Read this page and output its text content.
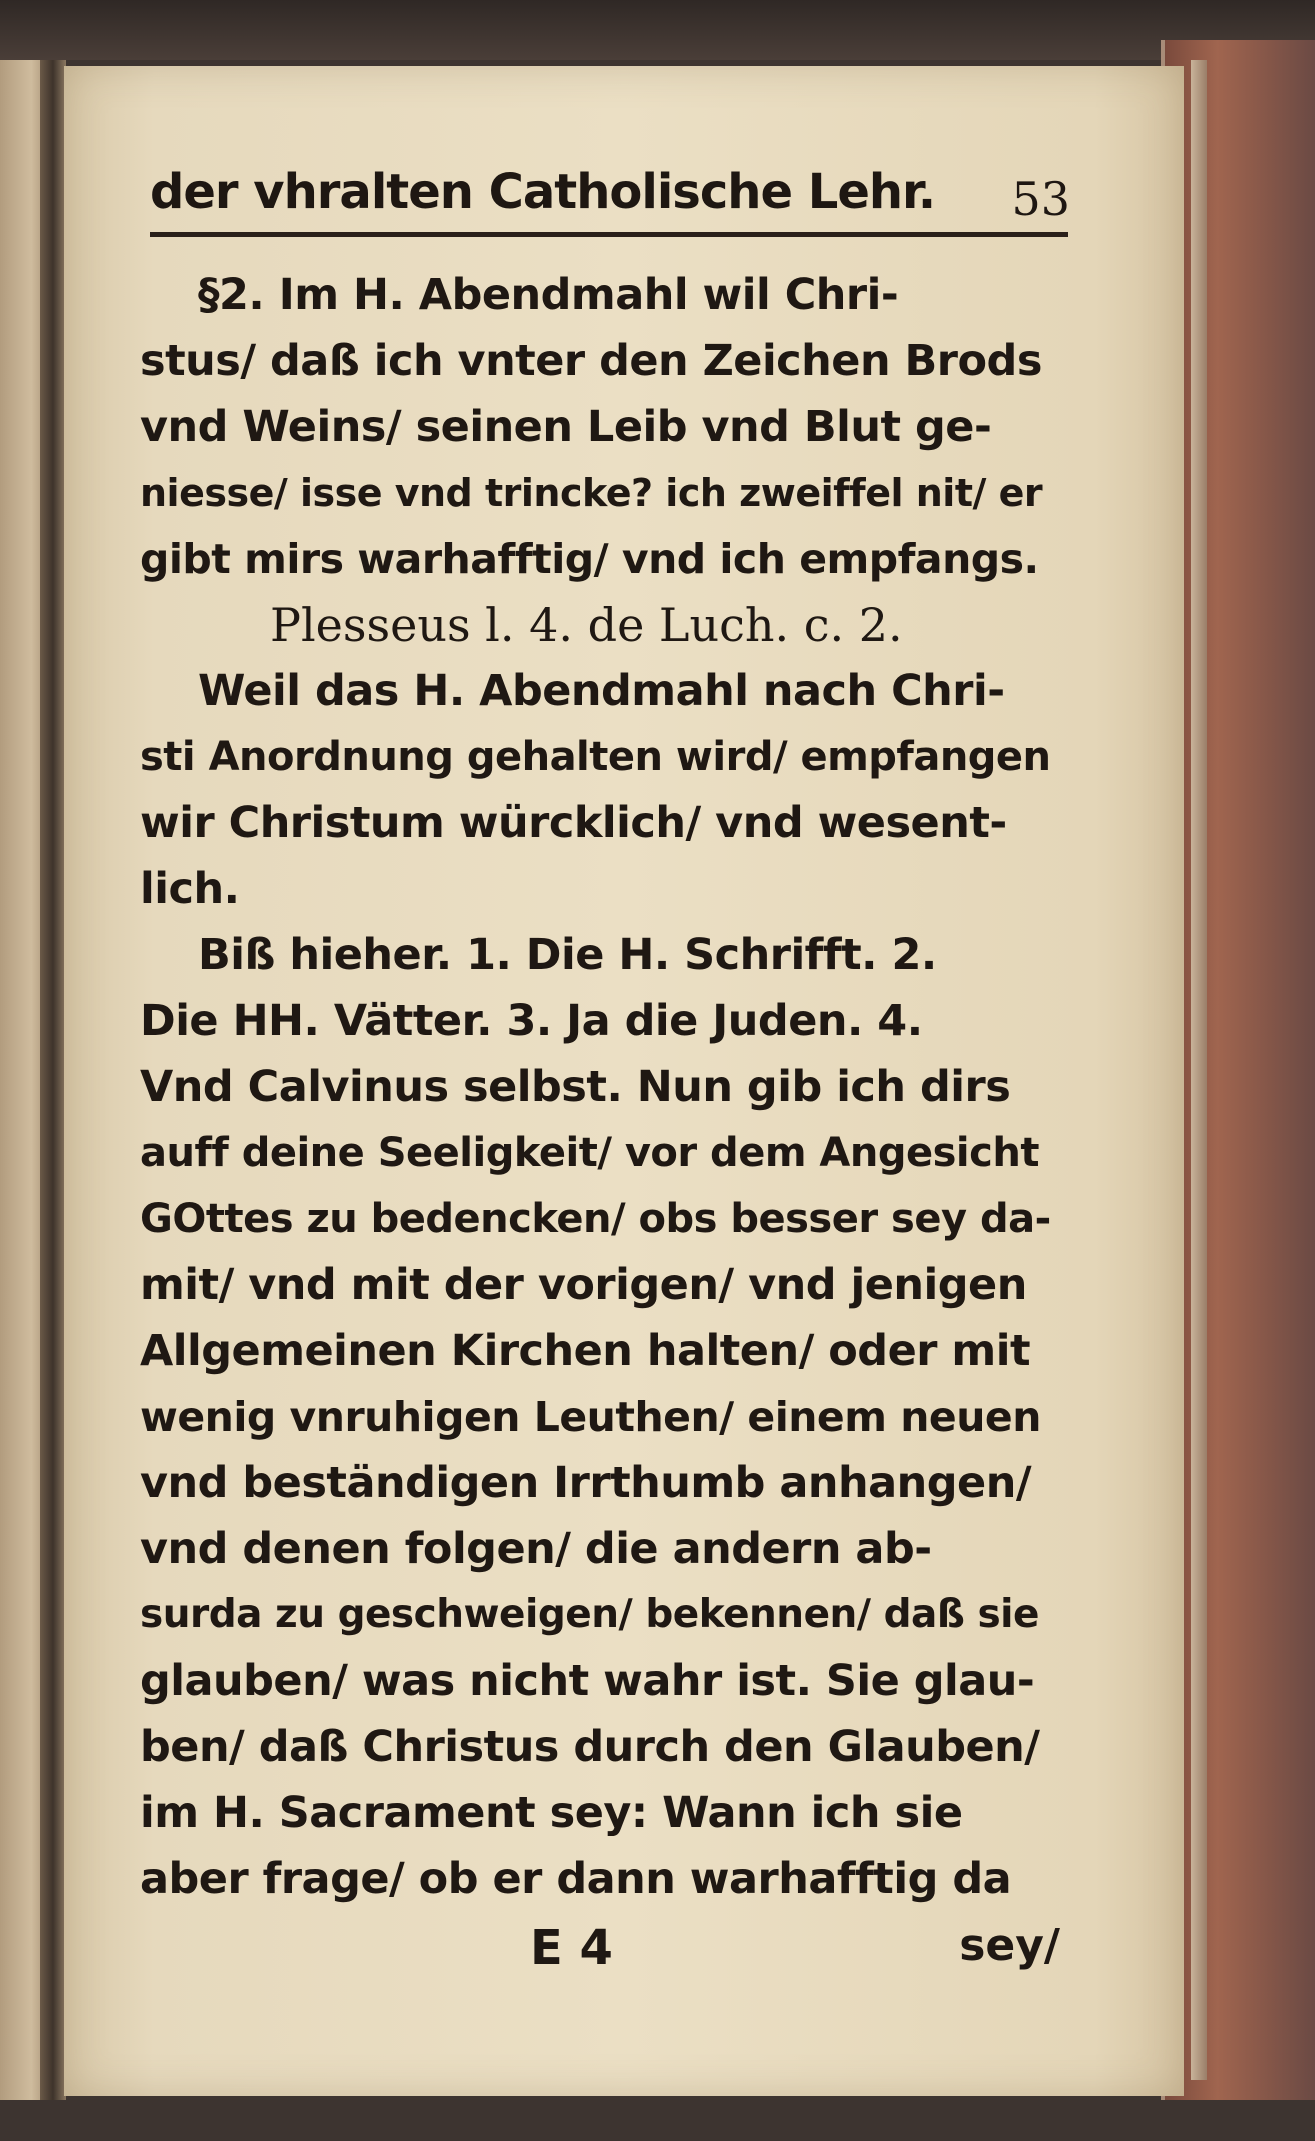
der vhralten Catholische Lehr. 53
§2. Im H. Abendmahl wil Chri-
stus/ daß ich vnter den Zeichen Brods
vnd Weins/ seinen Leib vnd Blut ge-
niesse/ isse vnd trincke? ich zweiffel nit/ er
gibt mirs warhafftig/ vnd ich empfangs.
Plesseus l. 4. de Luch. c. 2.
Weil das H. Abendmahl nach Chri-
sti Anordnung gehalten wird/ empfangen
wir Christum würcklich/ vnd wesent-
lich.
Biß hieher. 1. Die H. Schrifft. 2.
Die HH. Vätter. 3. Ja die Juden. 4.
Vnd Calvinus selbst. Nun gib ich dirs
auff deine Seeligkeit/ vor dem Angesicht
GOttes zu bedencken/ obs besser sey da-
mit/ vnd mit der vorigen/ vnd jenigen
Allgemeinen Kirchen halten/ oder mit
wenig vnruhigen Leuthen/ einem neuen
vnd beständigen Irrthumb anhangen/
vnd denen folgen/ die andern ab-
surda zu geschweigen/ bekennen/ daß sie
glauben/ was nicht wahr ist. Sie glau-
ben/ daß Christus durch den Glauben/
im H. Sacrament sey: Wann ich sie
aber frage/ ob er dann warhafftig da
E 4	sey/
